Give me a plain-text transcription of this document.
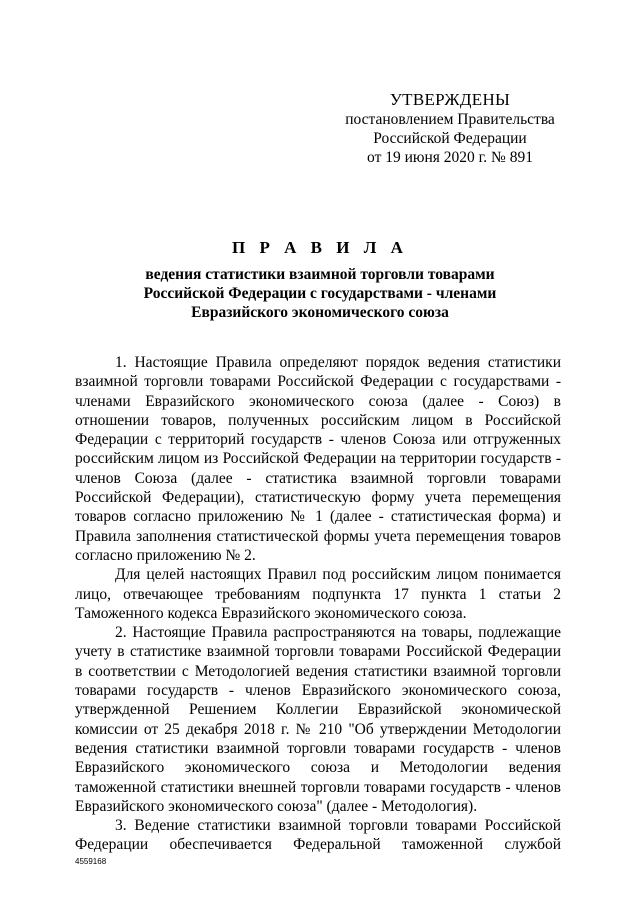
УТВЕРЖДЕНЫ
постановлением Правительства
Российской Федерации
от 19 июня 2020 г. № 891
П Р А В И Л А
ведения статистики взаимной торговли товарами
Российской Федерации с государствами - членами
Евразийского экономического союза

1. Настоящие Правила определяют порядок ведения статистики взаимной торговли товарами Российской Федерации с государствами - членами Евразийского экономического союза (далее - Союз) в отношении товаров, полученных российским лицом в Российской Федерации с территорий государств - членов Союза или отгруженных российским лицом из Российской Федерации на территории государств - членов Союза (далее - статистика взаимной торговли товарами Российской Федерации), статистическую форму учета перемещения товаров согласно приложению № 1 (далее - статистическая форма) и Правила заполнения статистической формы учета перемещения товаров согласно приложению № 2.

Для целей настоящих Правил под российским лицом понимается лицо, отвечающее требованиям подпункта 17 пункта 1 статьи 2 Таможенного кодекса Евразийского экономического союза.

2. Настоящие Правила распространяются на товары, подлежащие учету в статистике взаимной торговли товарами Российской Федерации в соответствии с Методологией ведения статистики взаимной торговли товарами государств - членов Евразийского экономического союза, утвержденной Решением Коллегии Евразийской экономической комиссии от 25 декабря 2018 г. № 210 "Об утверждении Методологии ведения статистики взаимной торговли товарами государств - членов Евразийского экономического союза и Методологии ведения таможенной статистики внешней торговли товарами государств - членов Евразийского экономического союза" (далее - Методология).

3. Ведение статистики взаимной торговли товарами Российской Федерации обеспечивается Федеральной таможенной службой

4559168
